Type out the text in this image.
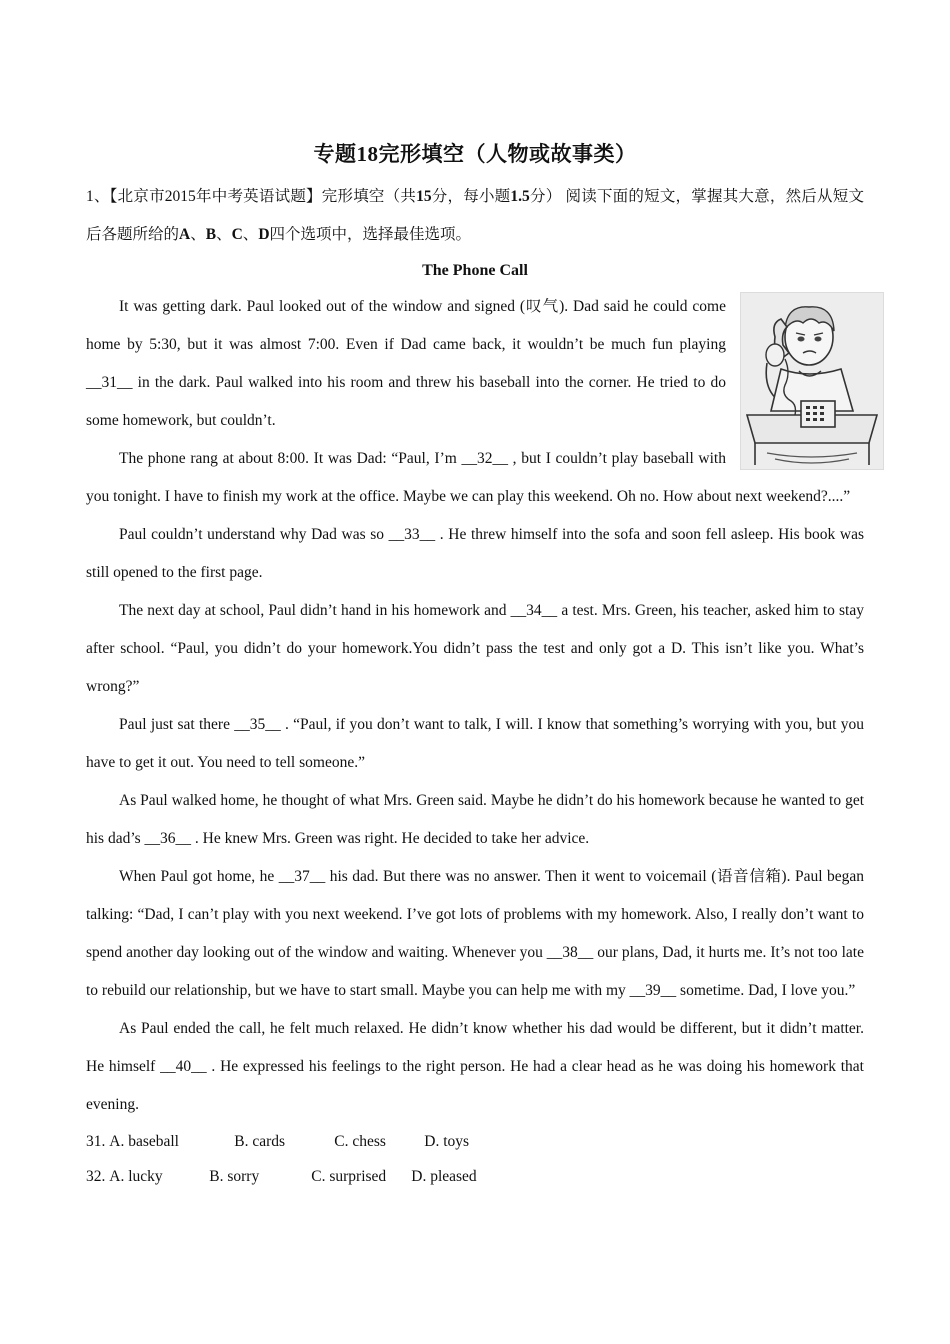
专题18完形填空（人物或故事类）

1、【北京市2015年中考英语试题】完形填空（共15分，每小题1.5分） 阅读下面的短文，掌握其大意，然后从短文后各题所给的A、B、C、D四个选项中，选择最佳选项。

The Phone Call

It was getting dark. Paul looked out of the window and signed (叹气). Dad said he could come home by 5:30, but it was almost 7:00. Even if Dad came back, it wouldn’t be much fun playing __31__ in the dark. Paul walked into his room and threw his baseball into the corner. He tried to do some homework, but couldn’t.

The phone rang at about 8:00. It was Dad: “Paul, I’m __32__ , but I couldn’t play baseball with you tonight. I have to finish my work at the office. Maybe we can play this weekend. Oh no. How about next weekend?....”

Paul couldn’t understand why Dad was so __33__ . He threw himself into the sofa and soon fell asleep. His book was still opened to the first page.

The next day at school, Paul didn’t hand in his homework and __34__ a test. Mrs. Green, his teacher, asked him to stay after school. “Paul, you didn’t do your homework.You didn’t pass the test and only got a D. This isn’t like you. What’s wrong?”

Paul just sat there __35__ . “Paul, if you don’t want to talk, I will. I know that something’s worrying with you, but you have to get it out. You need to tell someone.”

As Paul walked home, he thought of what Mrs. Green said. Maybe he didn’t do his homework because he wanted to get his dad’s __36__ . He knew Mrs. Green was right. He decided to take her advice.

When Paul got home, he __37__ his dad. But there was no answer. Then it went to voicemail (语音信箱). Paul began talking: “Dad, I can’t play with you next weekend. I’ve got lots of problems with my homework. Also, I really don’t want to spend another day looking out of the window and waiting. Whenever you __38__ our plans, Dad, it hurts me. It’s not too late to rebuild our relationship, but we have to start small. Maybe you can help me with my __39__ sometime. Dad, I love you.”

As Paul ended the call, he felt much relaxed. He didn’t know whether his dad would be different, but it didn’t matter. He himself __40__ . He expressed his feelings to the right person. He had a clear head as he was doing his homework that evening.

31. A. baseball	B. cards	C. chess D. toys

32. A. lucky	B. sorry	C. surprised D. pleased
